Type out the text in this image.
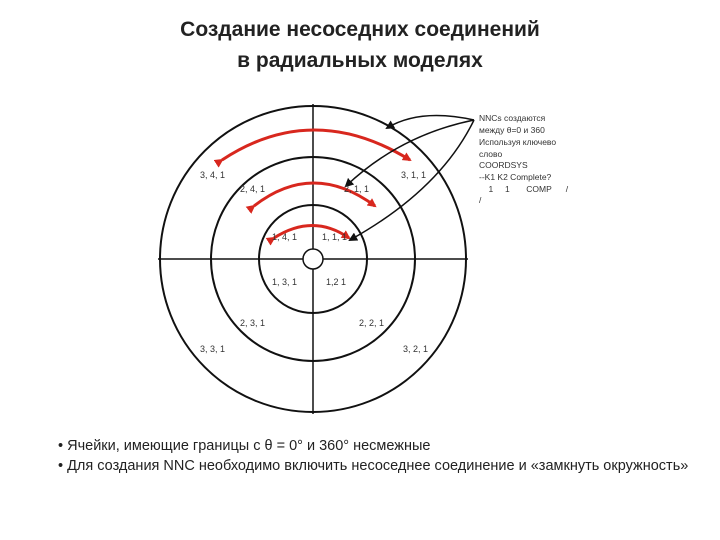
Создание несоседних соединений
в радиальных моделях
1, 4, 1	1, 1, 1
1, 3, 1	1,2 1
2, 4, 1	2, 1, 1
2, 3, 1	2, 2, 1
3, 4, 1	3, 1, 1
3, 3, 1	3, 2, 1
NNCs создаются
между θ=0 и 360
Используя ключево
слово
COORDSYS
--K1 K2 Complete?
1     1       COMP      /
/

• Ячейки, имеющие границы с θ = 0° и 360° несмежные

• Для создания NNC необходимо включить несоседнее соединение и «замкнуть окружность»
